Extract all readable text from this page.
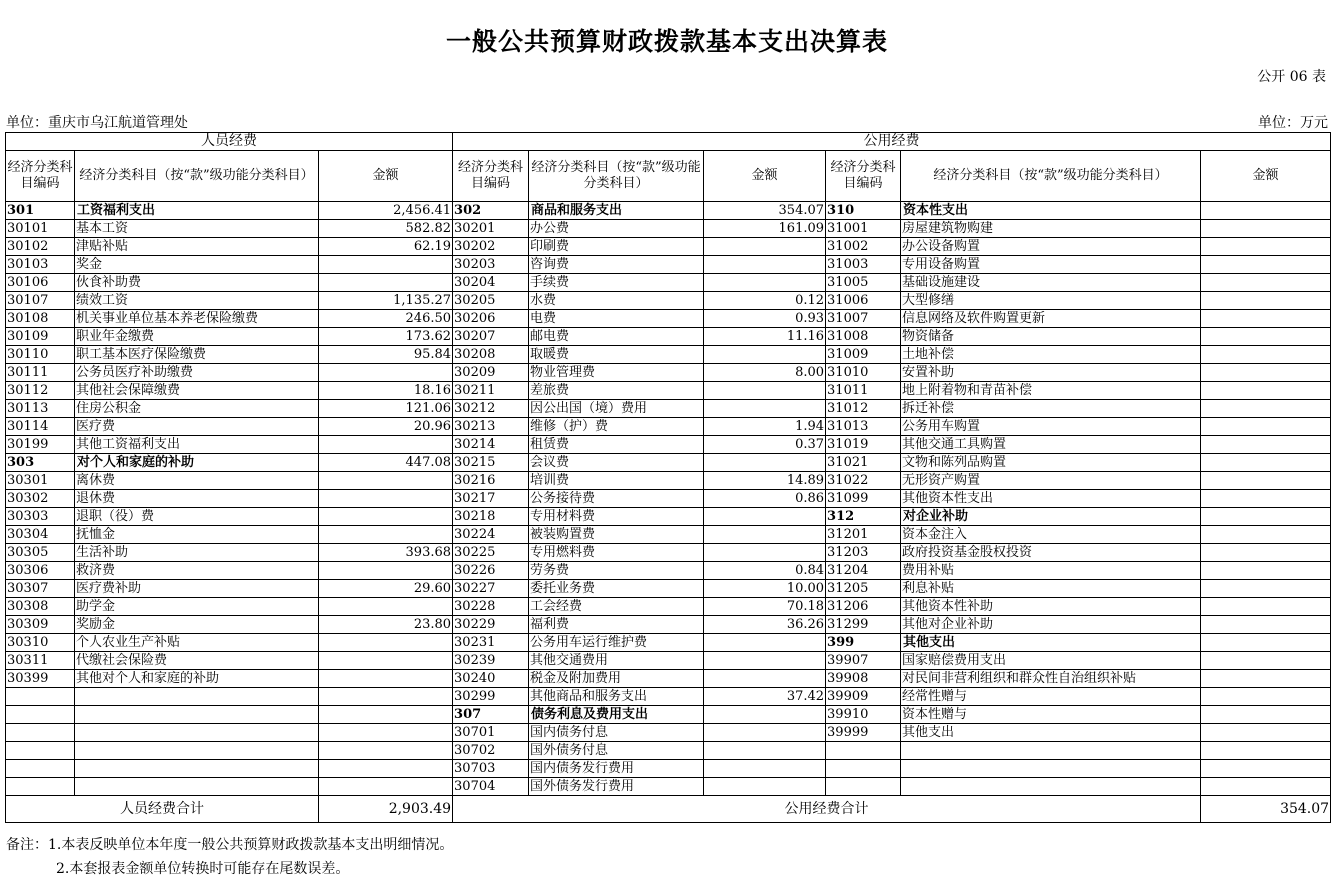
一般公共预算财政拨款基本支出决算表
公开 06 表
单位：重庆市乌江航道管理处	单位：万元
人员经费			公用经费					
经济分类科目编码	经济分类科目（按“款”级功能分类科目）	金额	经济分类科目编码	经济分类科目（按“款”级功能分类科目）	金额	经济分类科目编码	经济分类科目（按“款”级功能分类科目）	金额
301	工资福利支出	2,456.41	302	商品和服务支出	354.07	310	资本性支出	
30101	基本工资	582.82	30201	办公费	161.09	31001	房屋建筑物购建	
30102	津贴补贴	62.19	30202	印刷费		31002	办公设备购置	
30103	奖金		30203	咨询费		31003	专用设备购置	
30106	伙食补助费		30204	手续费		31005	基础设施建设	
30107	绩效工资	1,135.27	30205	水费	0.12	31006	大型修缮	
30108	机关事业单位基本养老保险缴费	246.50	30206	电费	0.93	31007	信息网络及软件购置更新	
30109	职业年金缴费	173.62	30207	邮电费	11.16	31008	物资储备	
30110	职工基本医疗保险缴费	95.84	30208	取暖费		31009	土地补偿	
30111	公务员医疗补助缴费		30209	物业管理费	8.00	31010	安置补助	
30112	其他社会保障缴费	18.16	30211	差旅费		31011	地上附着物和青苗补偿	
30113	住房公积金	121.06	30212	因公出国（境）费用		31012	拆迁补偿	
30114	医疗费	20.96	30213	维修（护）费	1.94	31013	公务用车购置	
30199	其他工资福利支出		30214	租赁费	0.37	31019	其他交通工具购置	
303	对个人和家庭的补助	447.08	30215	会议费		31021	文物和陈列品购置	
30301	离休费		30216	培训费	14.89	31022	无形资产购置	
30302	退休费		30217	公务接待费	0.86	31099	其他资本性支出	
30303	退职（役）费		30218	专用材料费		312	对企业补助	
30304	抚恤金		30224	被装购置费		31201	资本金注入	
30305	生活补助	393.68	30225	专用燃料费		31203	政府投资基金股权投资	
30306	救济费		30226	劳务费	0.84	31204	费用补贴	
30307	医疗费补助	29.60	30227	委托业务费	10.00	31205	利息补贴	
30308	助学金		30228	工会经费	70.18	31206	其他资本性补助	
30309	奖励金	23.80	30229	福利费	36.26	31299	其他对企业补助	
30310	个人农业生产补贴		30231	公务用车运行维护费		399	其他支出	
30311	代缴社会保险费		30239	其他交通费用		39907	国家赔偿费用支出	
30399	其他对个人和家庭的补助		30240	税金及附加费用		39908	对民间非营利组织和群众性自治组织补贴	
			30299	其他商品和服务支出	37.42	39909	经常性赠与	
			307	债务利息及费用支出		39910	资本性赠与	
			30701	国内债务付息		39999	其他支出	
			30702	国外债务付息				
			30703	国内债务发行费用				
			30704	国外债务发行费用				
人员经费合计		2,903.49	公用经费合计					354.07
备注：1.本表反映单位本年度一般公共预算财政拨款基本支出明细情况。
2.本套报表金额单位转换时可能存在尾数误差。
